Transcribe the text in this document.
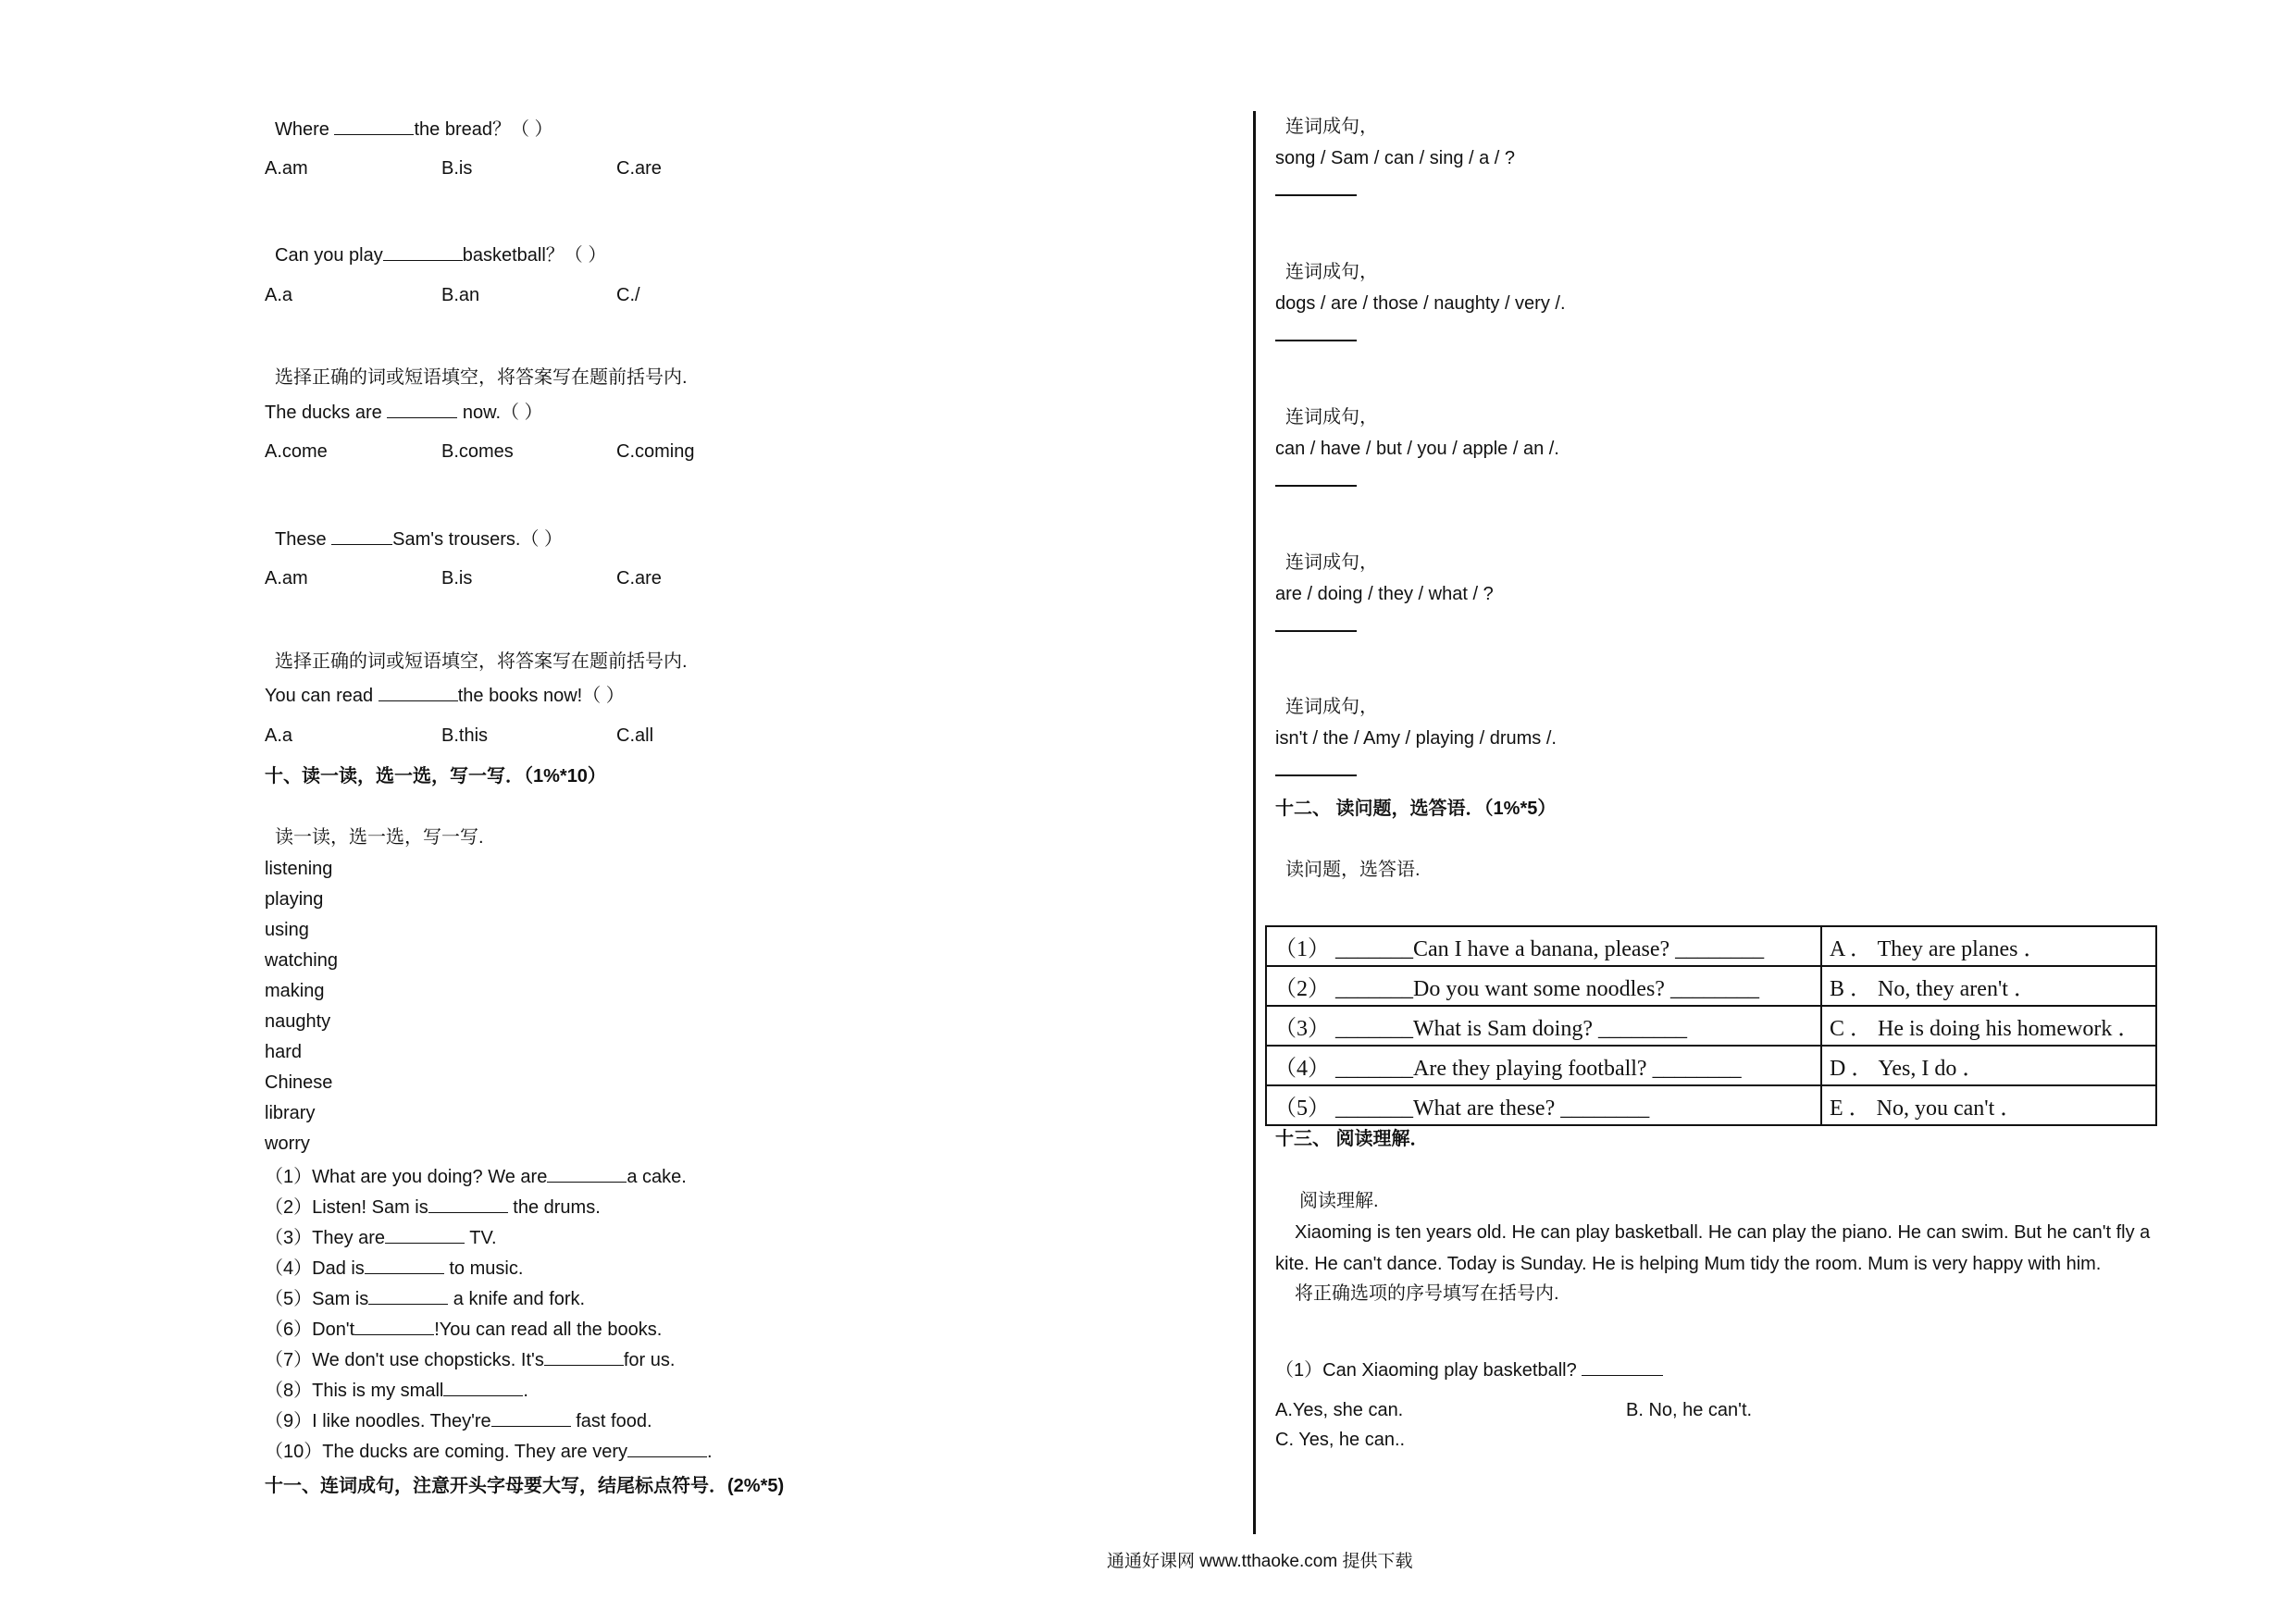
Where	the bread？（ ）
A.am	B.is	C.are
Can you play	basketball？（ ）
A.a	B.an	C./
选择正确的词或短语填空，将答案写在题前括号内.
The ducks are	now.（ ）
A.come	B.comes	C.coming
These	Sam's trousers.（ ）
A.am	B.is	C.are
选择正确的词或短语填空，将答案写在题前括号内.
You can read	the books now!（ ）
A.a	B.this	C.all
十、读一读，选一选，写一写．（1%*10）
读一读，选一选，写一写.
listening
playing
using
watching
making
naughty
hard
Chinese
library
worry
（1）What are you doing? We are	a cake.
（2）Listen! Sam is	the drums.
（3）They are	TV.
（4）Dad is	to music.
（5）Sam is	a knife and fork.
（6）Don't	!You can read all the books.
（7）We don't use chopsticks. It's	for us.
（8）This is my small	.
（9）I like noodles. They're	fast food.
（10）The ducks are coming. They are very	.
十一、连词成句，注意开头字母要大写，结尾标点符号．(2%*5)
连词成句，
song / Sam / can / sing / a / ?
连词成句，
dogs / are / those / naughty / very /.
连词成句，
can / have / but / you / apple / an /.
连词成句，
are / doing / they / what / ?
连词成句，
isn't / the / Amy / playing / drums /.
十二、 读问题，选答语．（1%*5）
读问题，选答语.
（1） _______Can I have a banana, please? ________	A ． They are planes ．
（2） _______Do you want some noodles? ________	B ． No, they aren't ．
（3） _______What is Sam doing? ________	C ． He is doing his homework ．
（4） _______Are they playing football? ________	D ． Yes, I do ．
（5） _______What are these? ________	E ． No, you can't ．
十三、 阅读理解．
阅读理解.
Xiaoming is ten years old. He can play basketball. He can play the piano. He can swim. But he can't fly a
kite. He can't dance. Today is Sunday. He is helping Mum tidy the room. Mum is very happy with him.
将正确选项的序号填写在括号内.
（1）Can Xiaoming play basketball?
A.Yes, she can.	B. No, he can't.
C. Yes, he can..
通通好课网 www.tthaoke.com 提供下载
